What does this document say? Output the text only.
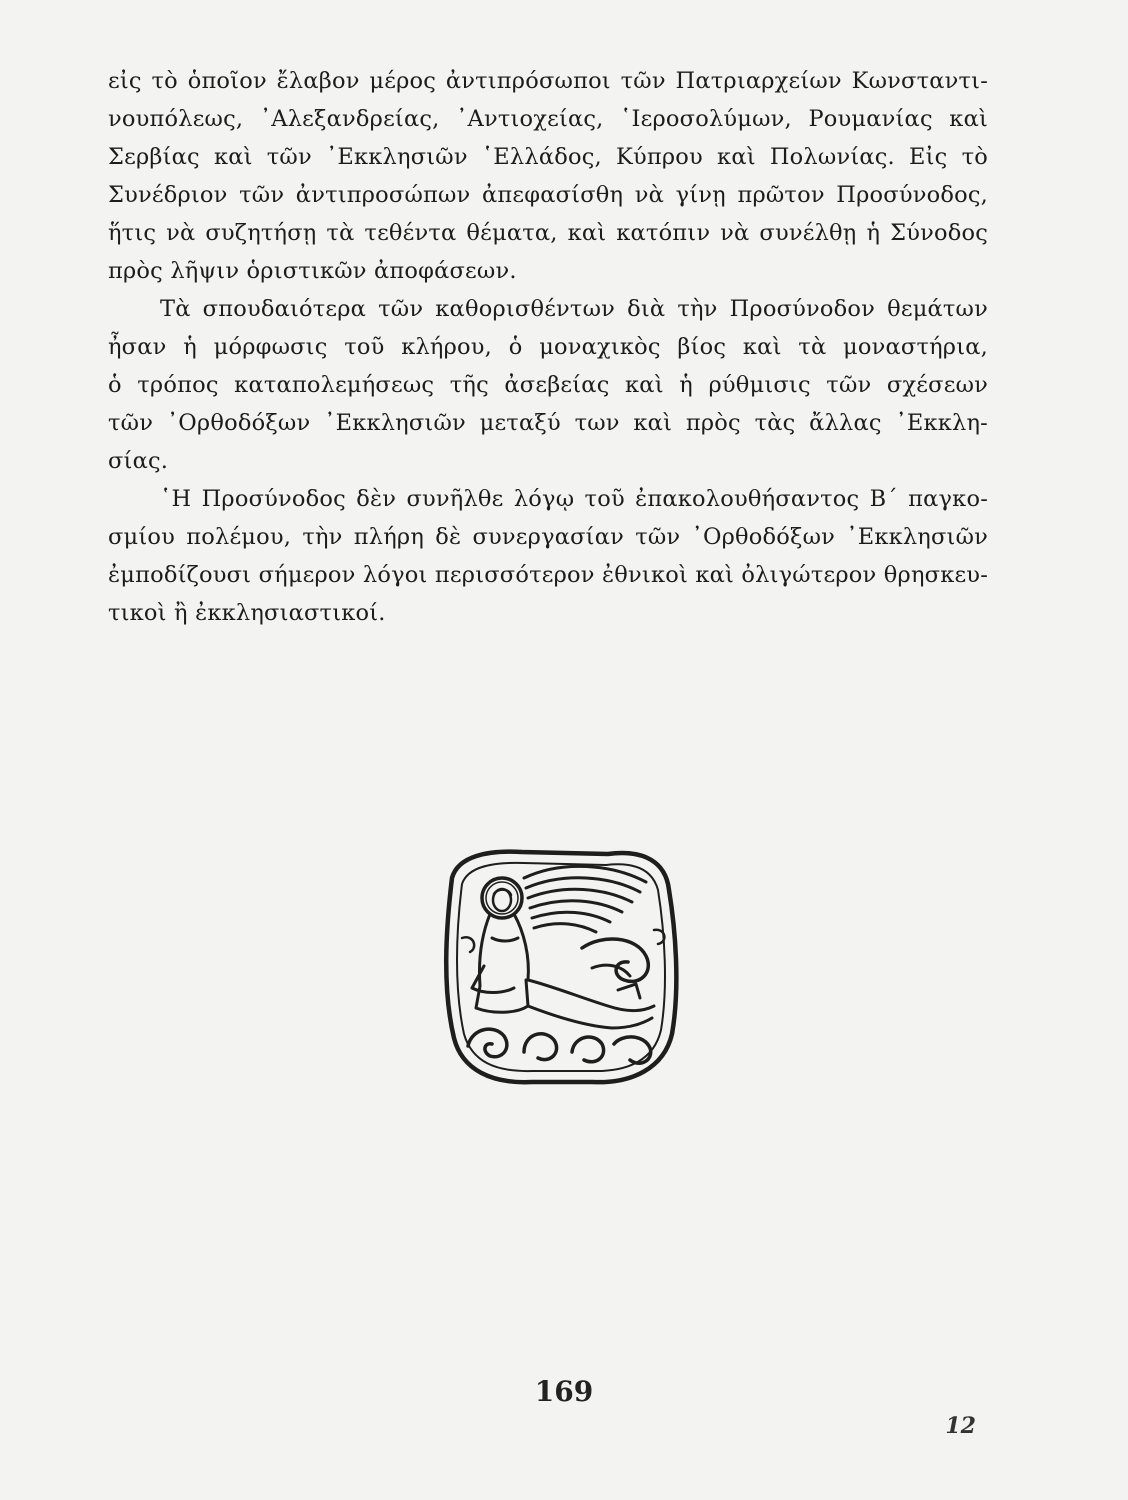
εἰς τὸ ὁποῖον ἔλαβον μέρος ἀντιπρόσωποι τῶν Πατριαρχείων Κωνσταντι-
νουπόλεως, ᾽Αλεξανδρείας, ᾽Αντιοχείας, ῾Ιεροσολύμων, Ρουμανίας καὶ
Σερβίας καὶ τῶν ᾽Εκκλησιῶν ῾Ελλάδος, Κύπρου καὶ Πολωνίας. Εἰς τὸ
Συνέδριον τῶν ἀντιπροσώπων ἀπεφασίσθη νὰ γίνῃ πρῶτον Προσύνοδος,
ἥτις νὰ συζητήσῃ τὰ τεθέντα θέματα, καὶ κατόπιν νὰ συνέλθῃ ἡ Σύνοδος
πρὸς λῆψιν ὁριστικῶν ἀποφάσεων.
Τὰ σπουδαιότερα τῶν καθορισθέντων διὰ τὴν Προσύνοδον θεμάτων
ἦσαν ἡ μόρφωσις τοῦ κλήρου, ὁ μοναχικὸς βίος καὶ τὰ μοναστήρια,
ὁ τρόπος καταπολεμήσεως τῆς ἀσεβείας καὶ ἡ ρύθμισις τῶν σχέσεων
τῶν ᾽Ορθοδόξων ᾽Εκκλησιῶν μεταξύ των καὶ πρὸς τὰς ἄλλας ᾽Εκκλη-
σίας.
῾Η Προσύνοδος δὲν συνῆλθε λόγῳ τοῦ ἐπακολουθήσαντος Β΄ παγκο-
σμίου πολέμου, τὴν πλήρη δὲ συνεργασίαν τῶν ᾽Ορθοδόξων ᾽Εκκλησιῶν
ἐμποδίζουσι σήμερον λόγοι περισσότερον ἐθνικοὶ καὶ ὀλιγώτερον θρησκευ-
τικοὶ ἢ ἐκκλησιαστικοί.
169
12
